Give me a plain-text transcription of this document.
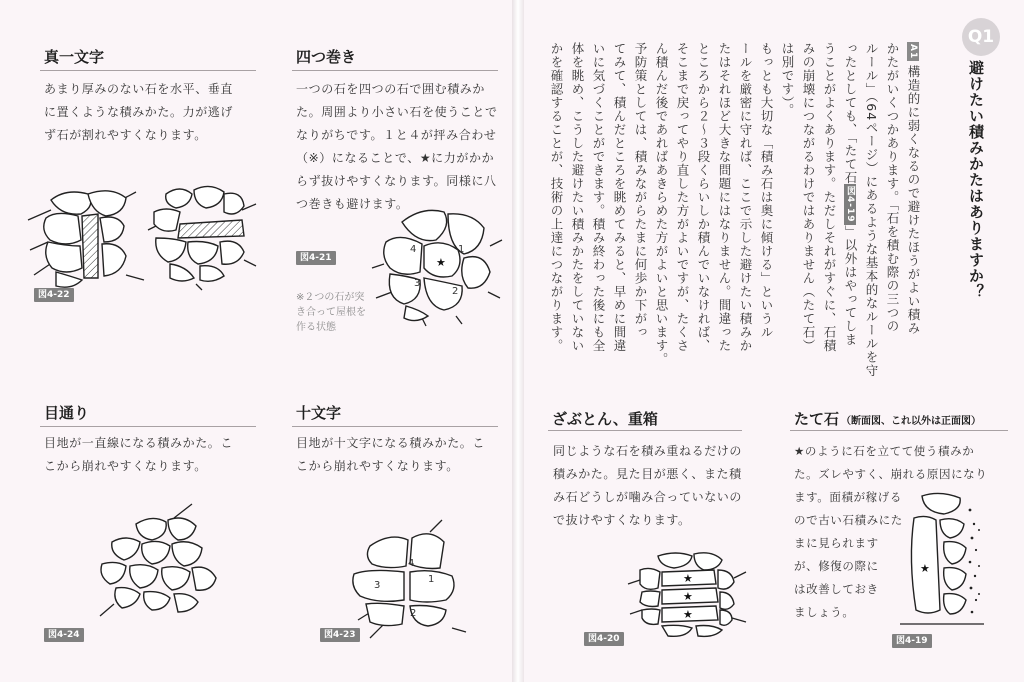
真一文字
あまり厚みのない石を水平、垂直
に置くような積みかた。力が逃げ
ず石が割れやすくなります。
図4-22
四つ巻き
一つの石を四つの石で囲む積みか
た。周囲より小さい石を使うことで
なりがちです。１と４が抨み合わせ
（※）になることで、★に力がかか
らず抜けやすくなります。同様に八
つ巻きも避けます。
図4-21
※２つの石が突
き合って屋根を
作る状態
4	1
3
2
★
目通り
目地が一直線になる積みかた。こ
こから崩れやすくなります。
図4-24
十文字
目地が十文字になる積みかた。こ
こから崩れやすくなります。
4
1
3
2
図4-23
Q1
避けたい積みかたはありますか？
A1構造的に弱くなるので避けたほうがよい積み
かたがいくつかあります。「石を積む際の三つの
ルール」（64ページ）にあるような基本的なルールを守
ったとしても、「たて石図4-19」以外はやってしま
うことがよくあります。ただしそれがすぐに、石積
みの崩壊につながるわけではありません（たて石）
は別です）。
もっとも大切な「積み石は奥に傾ける」というル
ールを厳密に守れば、ここで示した避けたい積みか
たはそれほど大きな問題にはなりません。間違った
ところから２～３段くらいしか積んでいなければ、
そこまで戻ってやり直した方がよいですが、たくさ
ん積んだ後であればあきらめた方がよいと思います。
予防策としては、積みながらたまに何歩か下がっ
てみて、積んだところを眺めてみると、早めに間違
いに気づくことができます。積み終わった後にも全
体を眺め、こうした避けたい積みかたをしていない
かを確認することが、技術の上達につながります。
ざぶとん、重箱
同じような石を積み重ねるだけの
積みかた。見た目が悪く、また積
み石どうしが噛み合っていないの
で抜けやすくなります。
★
★
★
図4-20
たて石 （断面図、これ以外は正面図）
★のように石を立てて使う積みか
た。ズレやすく、崩れる原因になり
ます。面積が稼げる
ので古い石積みにた
まに見られます
が、修復の際に
は改善しておき
ましょう。
★
図4-19
